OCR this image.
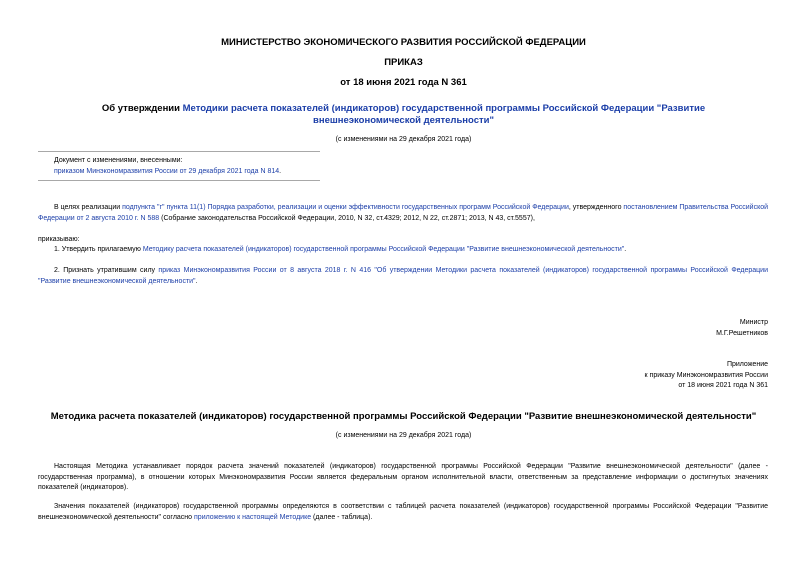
МИНИСТЕРСТВО ЭКОНОМИЧЕСКОГО РАЗВИТИЯ РОССИЙСКОЙ ФЕДЕРАЦИИ
ПРИКАЗ
от 18 июня 2021 года N 361
Об утверждении Методики расчета показателей (индикаторов) государственной программы Российской Федерации "Развитие внешнеэкономической деятельности"
(с изменениями на 29 декабря 2021 года)
Документ с изменениями, внесенными:
приказом Минэкономразвития России от 29 декабря 2021 года N 814.
В целях реализации подпункта "г" пункта 11(1) Порядка разработки, реализации и оценки эффективности государственных программ Российской Федерации, утвержденного постановлением Правительства Российской Федерации от 2 августа 2010 г. N 588 (Собрание законодательства Российской Федерации, 2010, N 32, ст.4329; 2012, N 22, ст.2871; 2013, N 43, ст.5557),
приказываю:
1. Утвердить прилагаемую Методику расчета показателей (индикаторов) государственной программы Российской Федерации "Развитие внешнеэкономической деятельности".
2. Признать утратившим силу приказ Минэкономразвития России от 8 августа 2018 г. N 416 "Об утверждении Методики расчета показателей (индикаторов) государственной программы Российской Федерации "Развитие внешнеэкономической деятельности".
Министр
М.Г.Решетников
Приложение
к приказу Минэкономразвития России
от 18 июня 2021 года N 361
Методика расчета показателей (индикаторов) государственной программы Российской Федерации "Развитие внешнеэкономической деятельности"
(с изменениями на 29 декабря 2021 года)
Настоящая Методика устанавливает порядок расчета значений показателей (индикаторов) государственной программы Российской Федерации "Развитие внешнеэкономической деятельности" (далее - государственная программа), в отношении которых Минэкономразвития России является федеральным органом исполнительной власти, ответственным за представление информации о достигнутых значениях показателей (индикаторов).
Значения показателей (индикаторов) государственной программы определяются в соответствии с таблицей расчета показателей (индикаторов) государственной программы Российской Федерации "Развитие внешнеэкономической деятельности" согласно приложению к настоящей Методике (далее - таблица).
